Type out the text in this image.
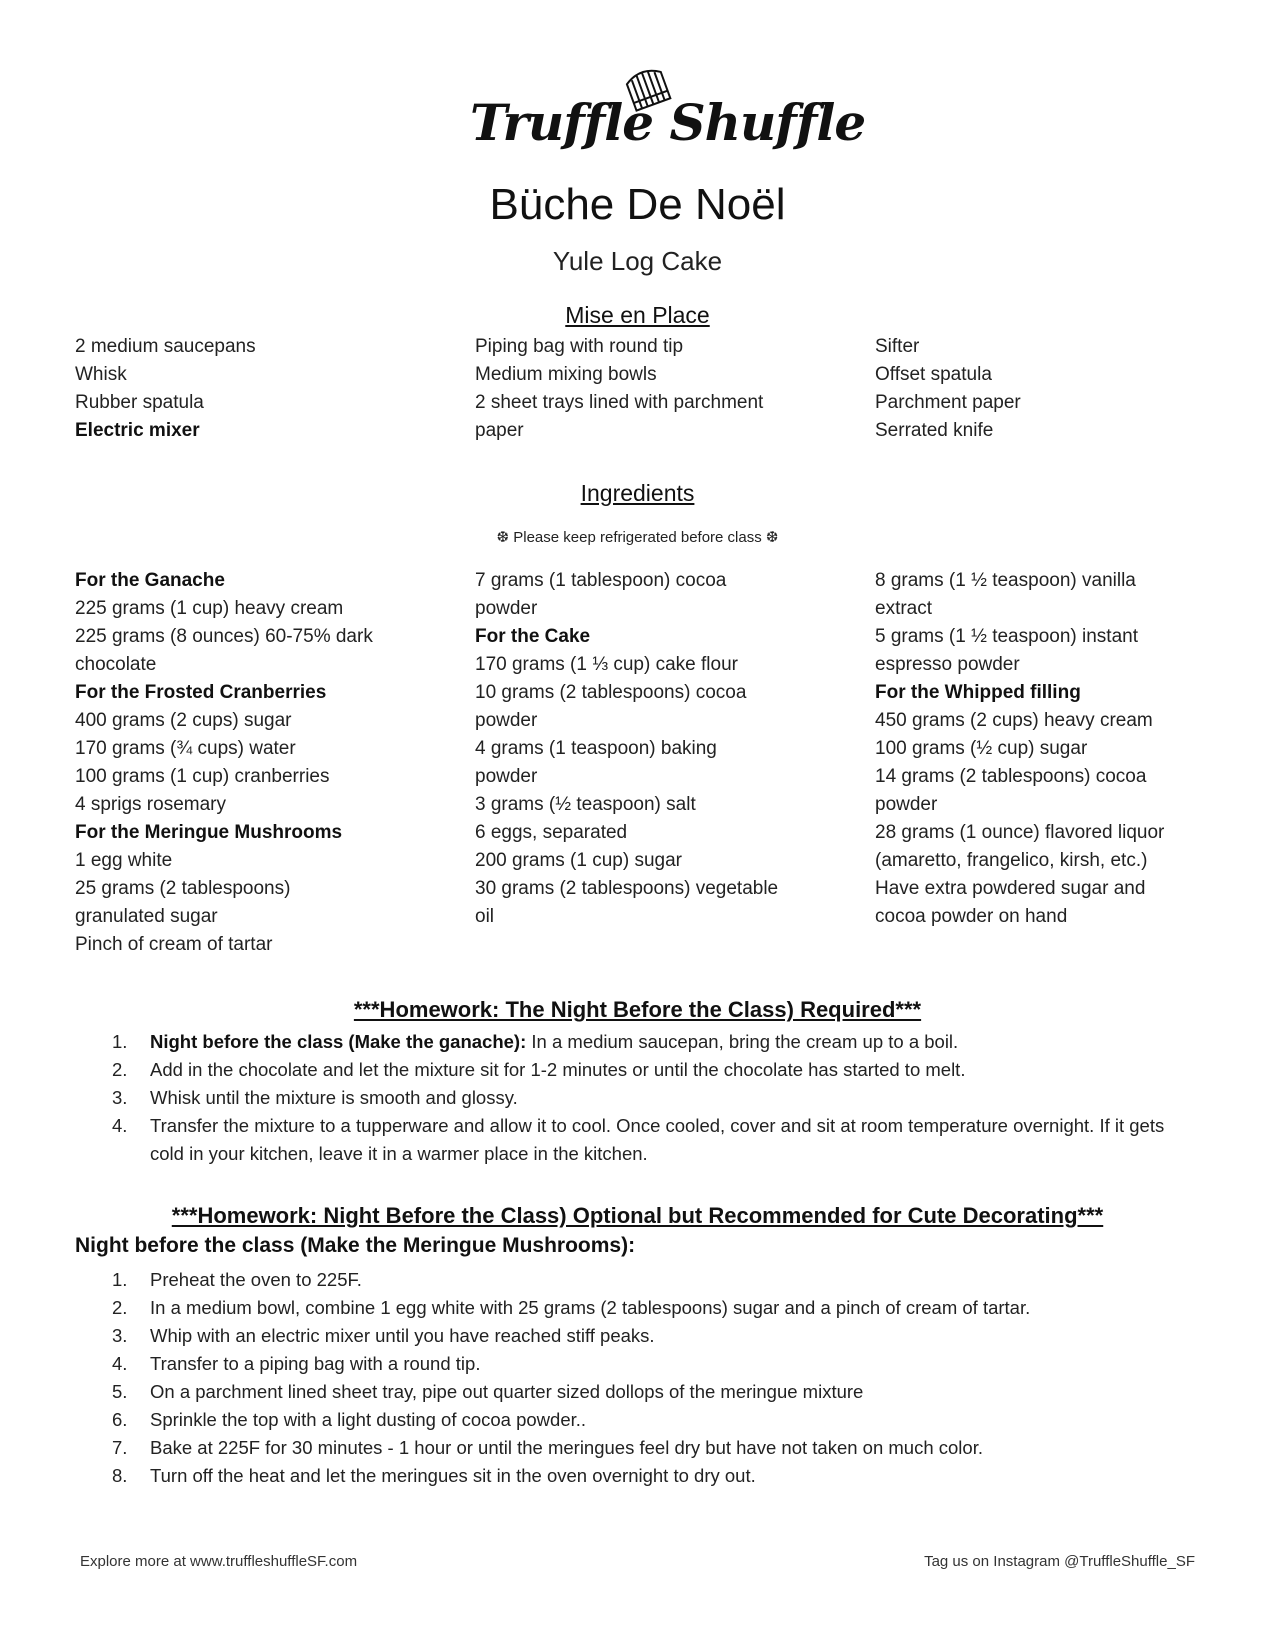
Truffle Shuffle
Büche De Noël
Yule Log Cake
Mise en Place
2 medium saucepans
Whisk
Rubber spatula
Electric mixer
Piping bag with round tip
Medium mixing bowls
2 sheet trays lined with parchment
paper
Sifter
Offset spatula
Parchment paper
Serrated knife
Ingredients
❆ Please keep refrigerated before class ❆
For the Ganache
225 grams (1 cup) heavy cream
225 grams (8 ounces) 60-75% dark
chocolate
For the Frosted Cranberries
400 grams (2 cups) sugar
170 grams (¾ cups) water
100 grams (1 cup) cranberries
4 sprigs rosemary
For the Meringue Mushrooms
1 egg white
25 grams (2 tablespoons)
granulated sugar
Pinch of cream of tartar
7 grams (1 tablespoon) cocoa
powder
For the Cake
170 grams (1 ⅓ cup) cake flour
10 grams (2 tablespoons) cocoa
powder
4 grams (1 teaspoon) baking
powder
3 grams (½ teaspoon) salt
6 eggs, separated
200 grams (1 cup) sugar
30 grams (2 tablespoons) vegetable
oil
8 grams (1 ½ teaspoon) vanilla
extract
5 grams (1 ½ teaspoon) instant
espresso powder
For the Whipped filling
450 grams (2 cups) heavy cream
100 grams (½ cup) sugar
14 grams (2 tablespoons) cocoa
powder
28 grams (1 ounce) flavored liquor
(amaretto, frangelico, kirsh, etc.)
Have extra powdered sugar and
cocoa powder on hand
***Homework: The Night Before the Class) Required***
1. Night before the class (Make the ganache): In a medium saucepan, bring the cream up to a boil.
2. Add in the chocolate and let the mixture sit for 1-2 minutes or until the chocolate has started to melt.
3. Whisk until the mixture is smooth and glossy.
4. Transfer the mixture to a tupperware and allow it to cool. Once cooled, cover and sit at room temperature overnight. If it gets cold in your kitchen, leave it in a warmer place in the kitchen.
***Homework: Night Before the Class) Optional but Recommended for Cute Decorating***
Night before the class (Make the Meringue Mushrooms):
1. Preheat the oven to 225F.
2. In a medium bowl, combine 1 egg white with 25 grams (2 tablespoons) sugar and a pinch of cream of tartar.
3. Whip with an electric mixer until you have reached stiff peaks.
4. Transfer to a piping bag with a round tip.
5. On a parchment lined sheet tray, pipe out quarter sized dollops of the meringue mixture
6. Sprinkle the top with a light dusting of cocoa powder..
7. Bake at 225F for 30 minutes - 1 hour or until the meringues feel dry but have not taken on much color.
8. Turn off the heat and let the meringues sit in the oven overnight to dry out.
Explore more at www.truffleshuffleSF.com	Tag us on Instagram @TruffleShuffle_SF
